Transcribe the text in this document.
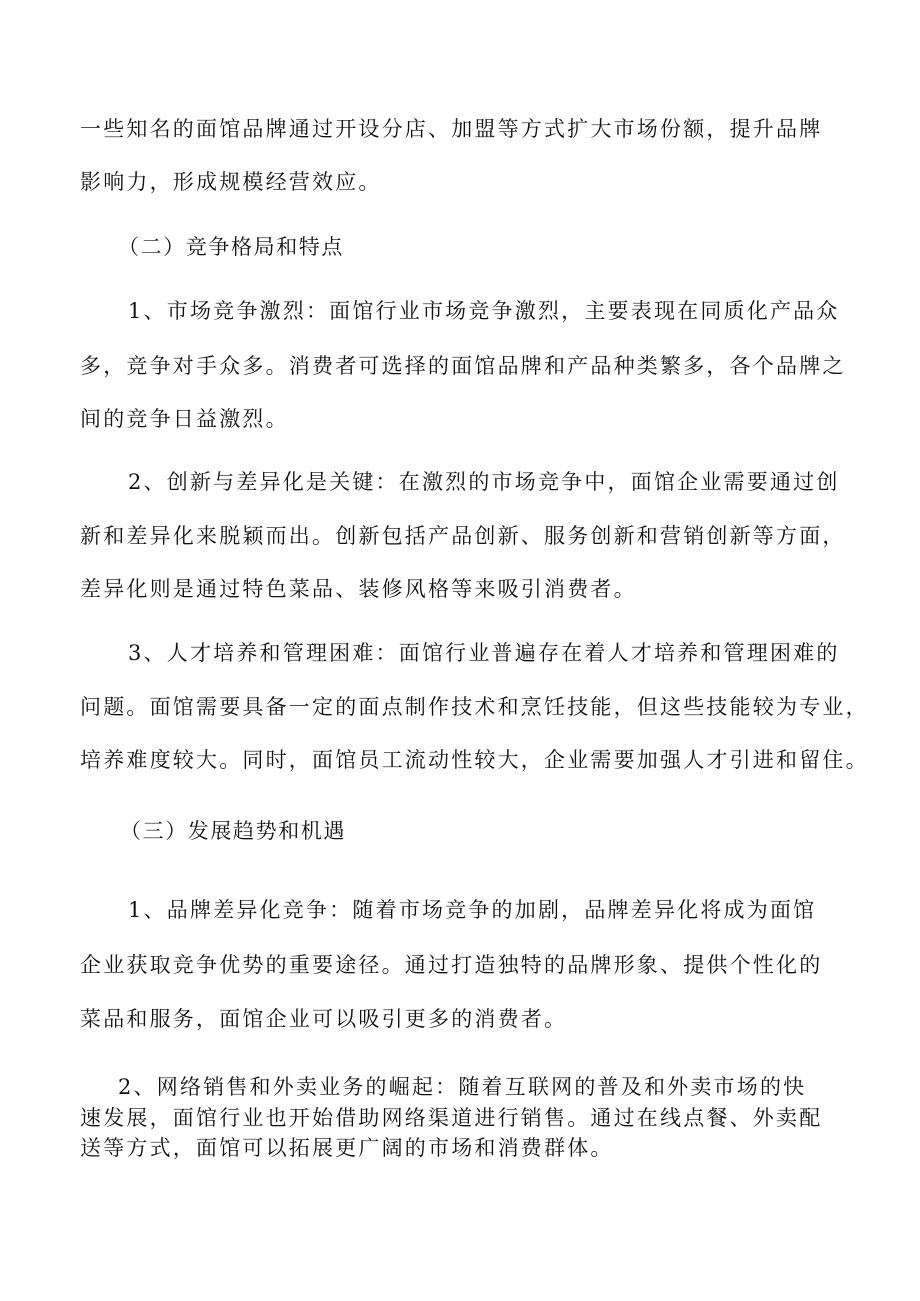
一些知名的面馆品牌通过开设分店、加盟等方式扩大市场份额，提升品牌
影响力，形成规模经营效应。
（二）竞争格局和特点
1、市场竞争激烈：面馆行业市场竞争激烈，主要表现在同质化产品众
多，竞争对手众多。消费者可选择的面馆品牌和产品种类繁多，各个品牌之
间的竞争日益激烈。
2、创新与差异化是关键：在激烈的市场竞争中，面馆企业需要通过创
新和差异化来脱颖而出。创新包括产品创新、服务创新和营销创新等方面，
差异化则是通过特色菜品、装修风格等来吸引消费者。
3、人才培养和管理困难：面馆行业普遍存在着人才培养和管理困难的
问题。面馆需要具备一定的面点制作技术和烹饪技能，但这些技能较为专业，
培养难度较大。同时，面馆员工流动性较大，企业需要加强人才引进和留住。
（三）发展趋势和机遇
1、品牌差异化竞争：随着市场竞争的加剧，品牌差异化将成为面馆
企业获取竞争优势的重要途径。通过打造独特的品牌形象、提供个性化的
菜品和服务，面馆企业可以吸引更多的消费者。
2、网络销售和外卖业务的崛起：随着互联网的普及和外卖市场的快
速发展，面馆行业也开始借助网络渠道进行销售。通过在线点餐、外卖配
送等方式，面馆可以拓展更广阔的市场和消费群体。
